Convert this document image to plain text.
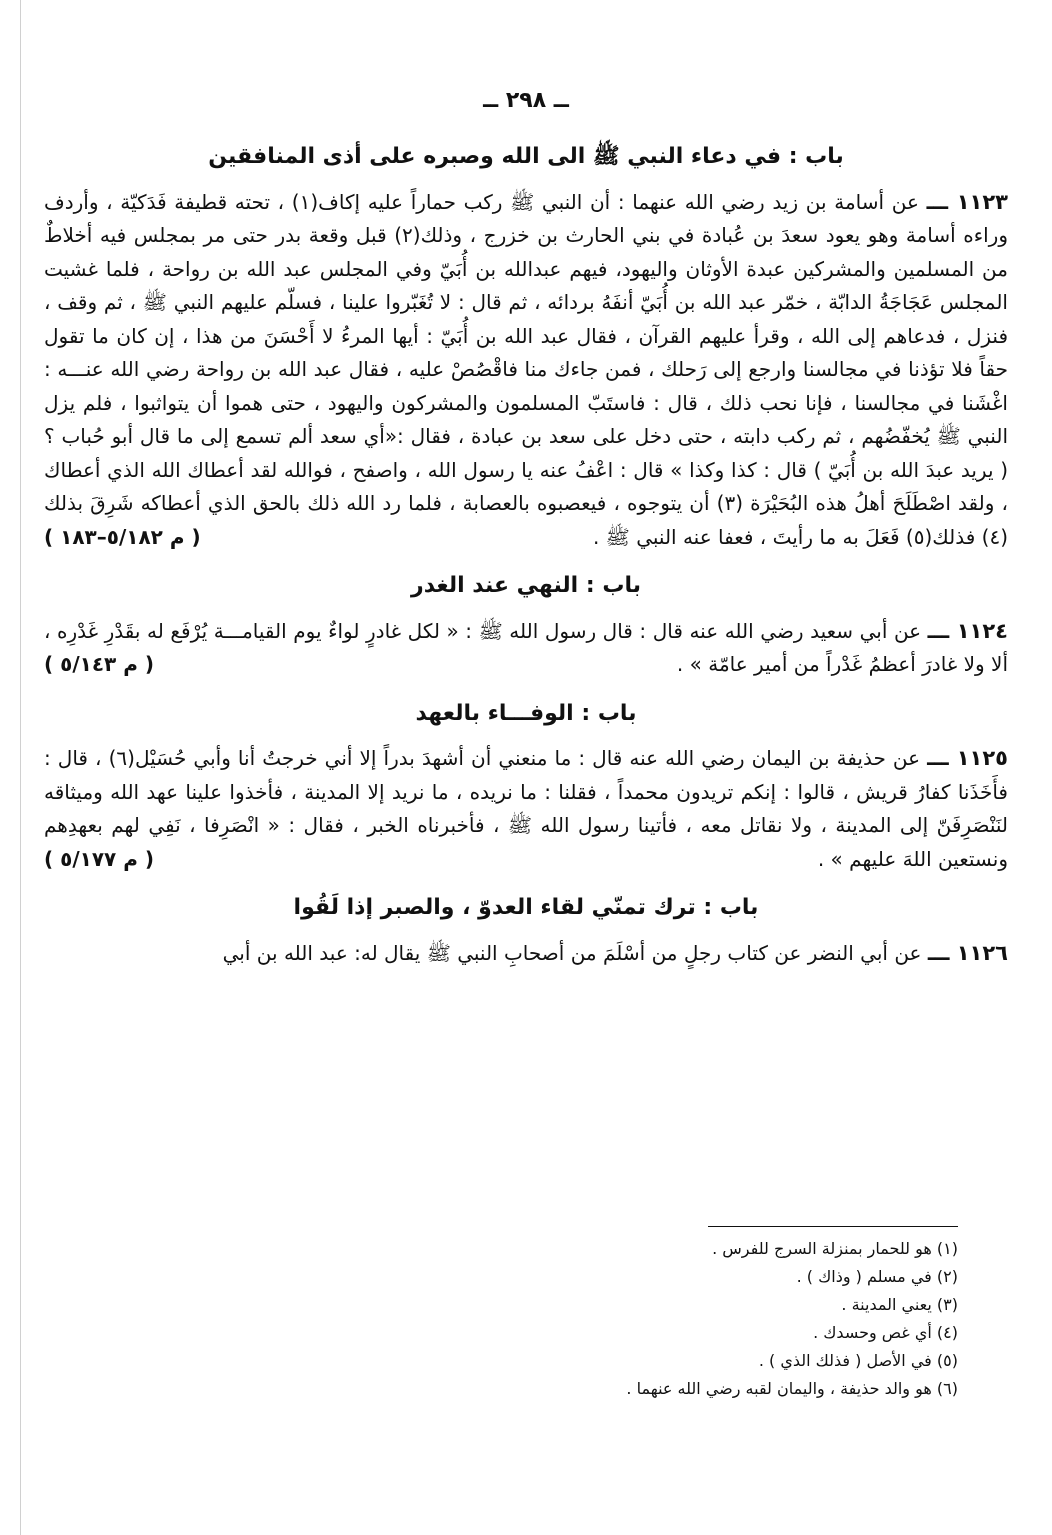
ــ ٢٩٨ ــ
باب : في دعاء النبي ﷺ الى الله وصبره على أذى المنافقين

١١٢٣ ـــ عن أسامة بن زيد رضي الله عنهما : أن النبي ﷺ ركب حماراً عليه إكاف(١) ، تحته قطيفة فَدَكيّة ، وأردف وراءه أسامة وهو يعود سعدَ بن عُبادة في بني الحارث بن خزرج ، وذلك(٢) قبل وقعة بدر حتى مر بمجلس فيه أخلاطٌ من المسلمين والمشركين عبدة الأوثان واليهود، فيهم عبدالله بن أُبَيّ وفي المجلس عبد الله بن رواحة ، فلما غشيت المجلس عَجَاجَةُ الدابّة ، خمّر عبد الله بن أُبَيّ أنفَهُ بردائه ، ثم قال : لا تُغَبّروا علينا ، فسلّم عليهم النبي ﷺ ، ثم وقف ، فنزل ، فدعاهم إلى الله ، وقرأ عليهم القرآن ، فقال عبد الله بن أُبَيّ : أيها المرءُ لا أَحْسَنَ من هذا ، إن كان ما تقول حقاً فلا تؤذنا في مجالسنا وارجع إلى رَحلك ، فمن جاءك منا فاقْصُصْ عليه ، فقال عبد الله بن رواحة رضي الله عنـــه : اغْشَنا في مجالسنا ، فإنا نحب ذلك ، قال : فاستَبّ المسلمون والمشركون واليهود ، حتى هموا أن يتواثبوا ، فلم يزل النبي ﷺ يُخفّضُهم ، ثم ركب دابته ، حتى دخل على سعد بن عبادة ، فقال :«أي سعد ألم تسمع إلى ما قال أبو حُباب ؟ ( يريد عبدَ الله بن أُبَيّ ) قال : كذا وكذا » قال : اعْفُ عنه يا رسول الله ، واصفح ، فوالله لقد أعطاك الله الذي أعطاك ، ولقد اصْطَلَحَ أهلُ هذه البُحَيْرَة (٣) أن يتوجوه ، فيعصبوه بالعصابة ، فلما رد الله ذلك بالحق الذي أعطاكه شَرِقَ بذلك (٤) فذلك(٥) فَعَلَ به ما رأيتَ ، فعفا عنه النبي ﷺ .
( م ٥/١٨٢–١٨٣ )

باب : النهي عند الغدر

١١٢٤ ـــ عن أبي سعيد رضي الله عنه قال : قال رسول الله ﷺ : « لكل غادرٍ لواءٌ يوم القيامـــة يُرْفَع له بقَدْرِ غَدْرِه ، ألا ولا غادرَ أعظمُ غَدْراً من أمير عامّة » .
( م ٥/١٤٣ )

باب : الوفـــاء بالعهد

١١٢٥ ـــ عن حذيفة بن اليمان رضي الله عنه قال : ما منعني أن أشهدَ بدراً إلا أني خرجتُ أنا وأبي حُسَيْل(٦) ، قال : فأَخَذَنا كفارُ قريش ، قالوا : إنكم تريدون محمداً ، فقلنا : ما نريده ، ما نريد إلا المدينة ، فأخذوا علينا عهد الله وميثاقه لنَنْصَرِفَنّ إلى المدينة ، ولا نقاتل معه ، فأتينا رسول الله ﷺ ، فأخبرناه الخبر ، فقال : « انْصَرِفا ، نَفِي لهم بعهدِهم ونستعين اللهَ عليهم » .
( م ٥/١٧٧ )

باب : ترك تمنّي لقاء العدوّ ، والصبر إذا لَقُوا

١١٢٦ ـــ عن أبي النضر عن كتاب رجلٍ من أسْلَمَ من أصحابِ النبي ﷺ يقال له: عبد الله بن أبي

(١) هو للحمار بمنزلة السرج للفرس .

(٢) في مسلم ( وذاك ) .

(٣) يعني المدينة .

(٤) أي غص وحسدك .

(٥) في الأصل ( فذلك الذي ) .

(٦) هو والد حذيفة ، واليمان لقبه رضي الله عنهما .
